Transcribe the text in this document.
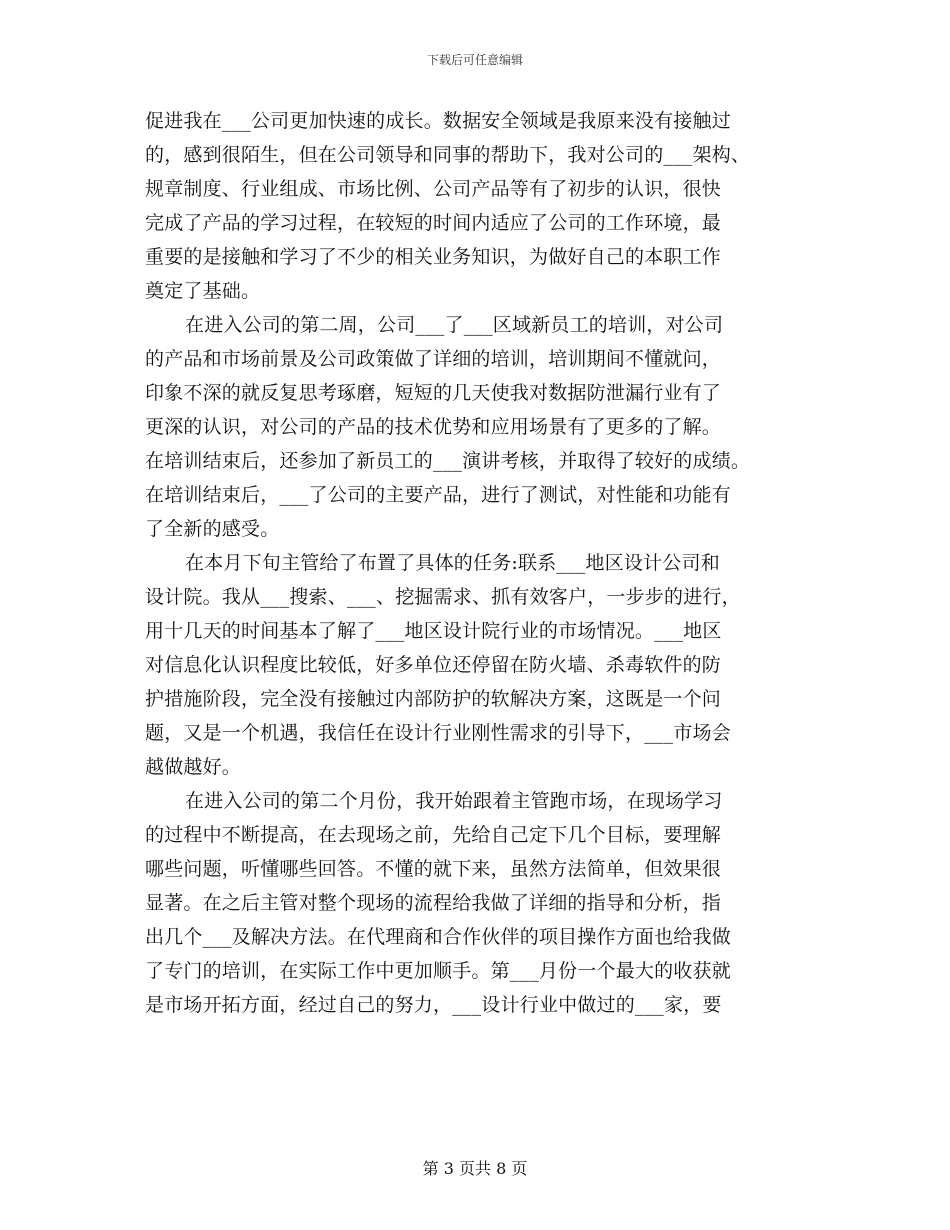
下载后可任意编辑
促进我在___公司更加快速的成长。数据安全领域是我原来没有接触过
的，感到很陌生，但在公司领导和同事的帮助下，我对公司的___架构、
规章制度、行业组成、市场比例、公司产品等有了初步的认识，很快
完成了产品的学习过程，在较短的时间内适应了公司的工作环境，最
重要的是接触和学习了不少的相关业务知识，为做好自己的本职工作
奠定了基础。
在进入公司的第二周，公司___了___区域新员工的培训，对公司
的产品和市场前景及公司政策做了详细的培训，培训期间不懂就问，
印象不深的就反复思考琢磨，短短的几天使我对数据防泄漏行业有了
更深的认识，对公司的产品的技术优势和应用场景有了更多的了解。
在培训结束后，还参加了新员工的___演讲考核，并取得了较好的成绩。
在培训结束后，___了公司的主要产品，进行了测试，对性能和功能有
了全新的感受。
在本月下旬主管给了布置了具体的任务:联系___地区设计公司和
设计院。我从___搜索、___、挖掘需求、抓有效客户，一步步的进行，
用十几天的时间基本了解了___地区设计院行业的市场情况。___地区
对信息化认识程度比较低，好多单位还停留在防火墙、杀毒软件的防
护措施阶段，完全没有接触过内部防护的软解决方案，这既是一个问
题，又是一个机遇，我信任在设计行业刚性需求的引导下，___市场会
越做越好。
在进入公司的第二个月份，我开始跟着主管跑市场，在现场学习
的过程中不断提高，在去现场之前，先给自己定下几个目标，要理解
哪些问题，听懂哪些回答。不懂的就下来，虽然方法简单，但效果很
显著。在之后主管对整个现场的流程给我做了详细的指导和分析，指
出几个___及解决方法。在代理商和合作伙伴的项目操作方面也给我做
了专门的培训，在实际工作中更加顺手。第___月份一个最大的收获就
是市场开拓方面，经过自己的努力，___设计行业中做过的___家，要
第 3 页共 8 页
